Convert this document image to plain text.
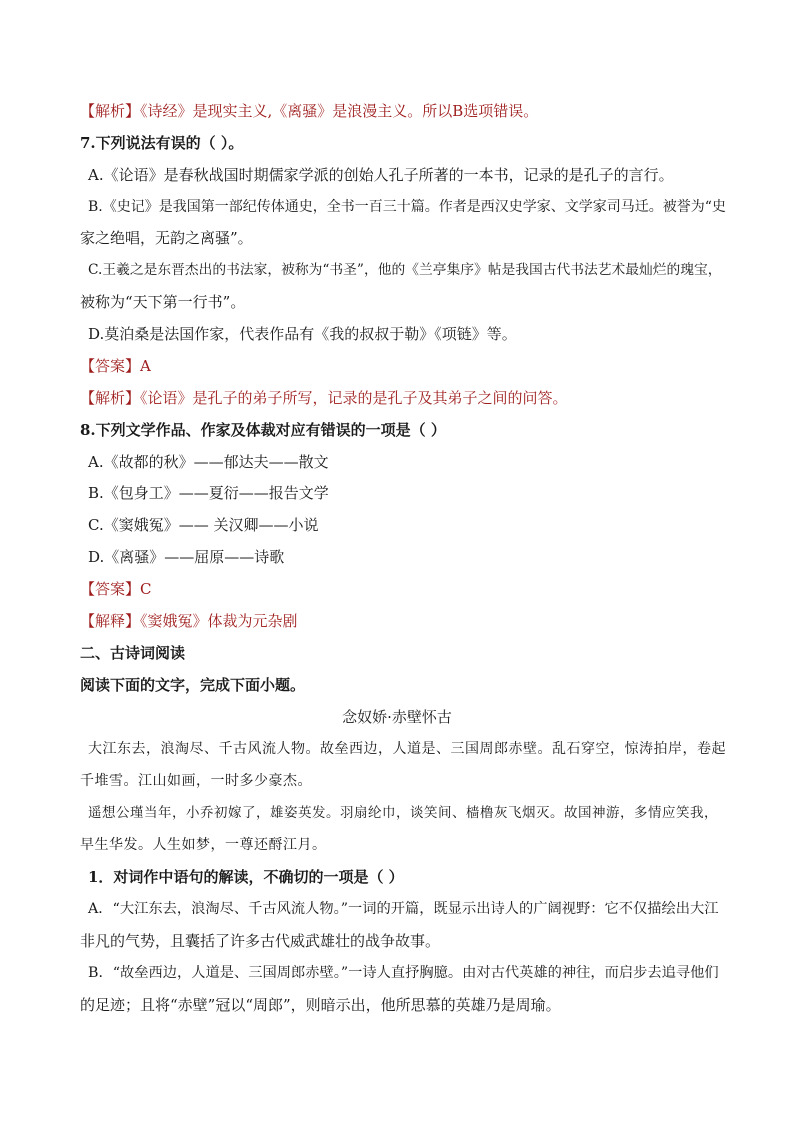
【解析】《诗经》是现实主义,《离骚》是浪漫主义。所以B选项错误。
7.下列说法有误的（ ）。
A.《论语》是春秋战国时期儒家学派的创始人孔子所著的一本书，记录的是孔子的言行。
B.《史记》是我国第一部纪传体通史，全书一百三十篇。作者是西汉史学家、文学家司马迁。被誉为“史
家之绝唱，无韵之离骚”。
C.王羲之是东晋杰出的书法家，被称为“书圣”，他的《兰亭集序》帖是我国古代书法艺术最灿烂的瑰宝，
被称为“天下第一行书”。
D.莫泊桑是法国作家，代表作品有《我的叔叔于勒》《项链》等。
【答案】A
【解析】《论语》是孔子的弟子所写，记录的是孔子及其弟子之间的问答。
8.下列文学作品、作家及体裁对应有错误的一项是（ ）
A.《故都的秋》——郁达夫——散文
B.《包身工》——夏衍——报告文学
C.《窦娥冤》—— 关汉卿——小说
D.《离骚》——屈原——诗歌
【答案】C
【解释】《窦娥冤》体裁为元杂剧
二、古诗词阅读
阅读下面的文字，完成下面小题。
念奴娇·赤壁怀古
大江东去，浪淘尽、千古风流人物。故垒西边，人道是、三国周郎赤壁。乱石穿空，惊涛拍岸，卷起
千堆雪。江山如画，一时多少豪杰。
遥想公瑾当年，小乔初嫁了，雄姿英发。羽扇纶巾，谈笑间、樯橹灰飞烟灭。故国神游，多情应笑我，
早生华发。人生如梦，一尊还酹江月。
1．对词作中语句的解读，不确切的一项是（ ）
A．“大江东去，浪淘尽、千古风流人物。”一词的开篇，既显示出诗人的广阔视野：它不仅描绘出大江
非凡的气势，且囊括了许多古代威武雄壮的战争故事。
B．“故垒西边，人道是、三国周郎赤壁。”一诗人直抒胸臆。由对古代英雄的神往，而启步去追寻他们
的足迹；且将“赤壁”冠以“周郎”，则暗示出，他所思慕的英雄乃是周瑜。
